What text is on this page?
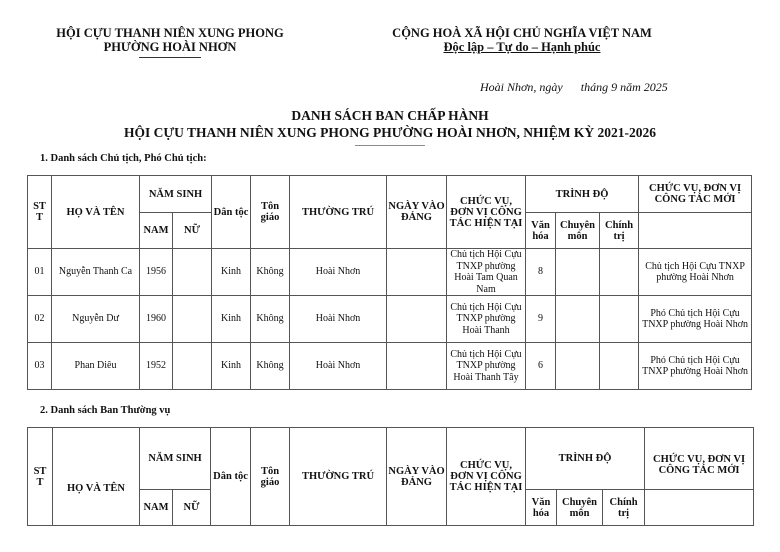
HỘI CỰU THANH NIÊN XUNG PHONG
PHƯỜNG HOÀI NHƠN
CỘNG HOÀ XÃ HỘI CHỦ NGHĨA VIỆT NAM
Độc lập – Tự do – Hạnh phúc
Hoài Nhơn, ngày      tháng 9 năm 2025
DANH SÁCH BAN CHẤP HÀNH
HỘI CỰU THANH NIÊN XUNG PHONG PHƯỜNG HOÀI NHƠN, NHIỆM KỲ 2021-2026
1. Danh sách Chủ tịch, Phó Chủ tịch:
ST T	HỌ VÀ TÊN	NĂM SINH		Dân tộc	Tôn giáo	THƯỜNG TRÚ	NGÀY VÀO ĐẢNG	CHỨC VỤ, ĐƠN VỊ CÔNG TÁC HIỆN TẠI	TRÌNH ĐỘ			CHỨC VỤ, ĐƠN VỊ CÔNG TÁC MỚI
		NAM	NỮ						Văn hóa	Chuyên môn	Chính trị	
01	Nguyễn Thanh Ca	1956		Kinh	Không	Hoài Nhơn		Chủ tịch Hội Cựu TNXP phường Hoài Tam Quan Nam	8			Chủ tịch Hội Cựu TNXP phường Hoài Nhơn
02	Nguyễn Dư	1960		Kinh	Không	Hoài Nhơn		Chủ tịch Hội Cựu TNXP phường Hoài Thanh	9			Phó Chủ tịch Hội Cựu TNXP phường Hoài Nhơn
03	Phan Diêu	1952		Kinh	Không	Hoài Nhơn		Chủ tịch Hội Cựu TNXP phường Hoài Thanh Tây	6			Phó Chủ tịch Hội Cựu TNXP phường Hoài Nhơn
2. Danh sách Ban Thường vụ
ST T	HỌ VÀ TÊN	NĂM SINH		Dân tộc	Tôn giáo	THƯỜNG TRÚ	NGÀY VÀO ĐẢNG	CHỨC VỤ, ĐƠN VỊ CÔNG TÁC HIỆN TẠI	TRÌNH ĐỘ			CHỨC VỤ, ĐƠN VỊ CÔNG TÁC MỚI
		NAM	NỮ						Văn hóa	Chuyên môn	Chính trị	
